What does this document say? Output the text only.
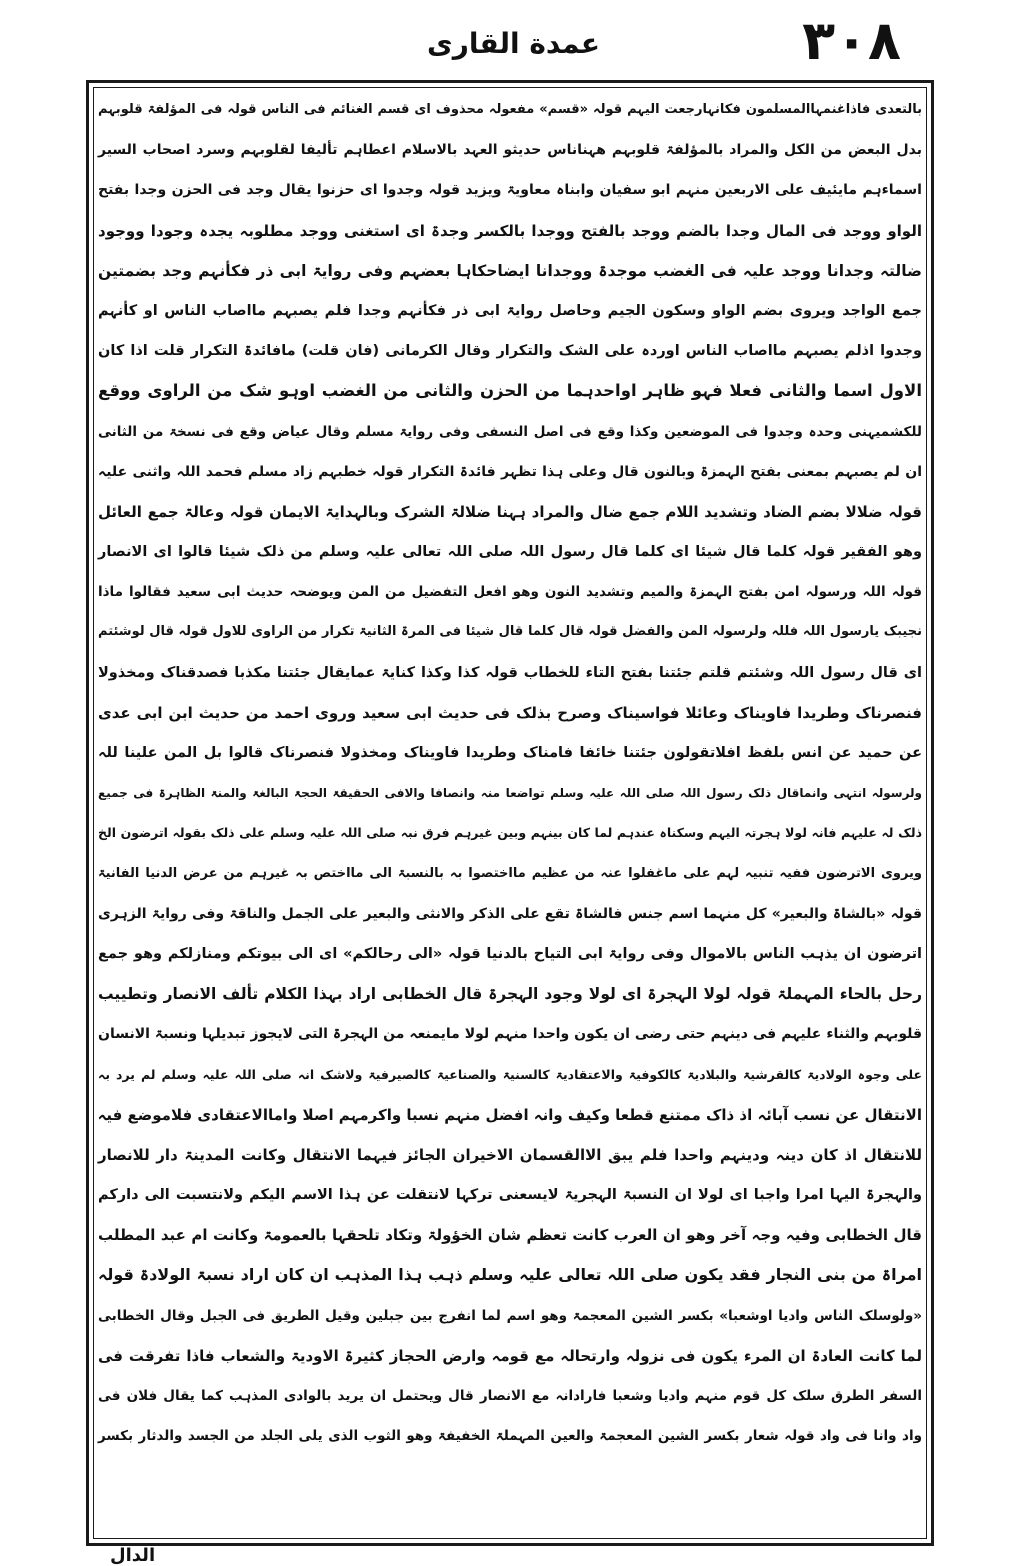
٣٠٨
عمدة القاری
بالتعدی فاذاغنمہاالمسلمون فکانہارجعت الیہم قولہ «قسم» مفعولہ محذوف ای قسم الغنائم فی الناس قولہ فی المؤلفۃ قلوبہم
بدل البعض من الکل والمراد بالمؤلفۃ قلوبہم ھہناناس حدیثو العہد بالاسلام اعطاہم تألیفا لقلوبہم وسرد اصحاب السیر
اسماءہم مایئیف علی الاربعین منہم ابو سفیان وابناہ معاویۃ ویزید قولہ وجدوا ای حزنوا یقال وجد فی الحزن وجدا بفتح
الواو ووجد فی المال وجدا بالضم ووجد بالفتح ووجدا بالکسر وجدۃ ای استغنی ووجد مطلوبہ یجدہ وجودا ووجود
ضالتہ وجدانا ووجد علیہ فی الغضب موجدۃ ووجدانا ایضاحکاہا بعضہم وفی روایۃ ابی ذر فکأنہم وجد بضمتین
جمع الواجد ویروی بضم الواو وسکون الجیم وحاصل روایۃ ابی ذر فکأنہم وجدا فلم یصبہم مااصاب الناس او کأنہم
وجدوا اذلم یصبہم مااصاب الناس اوردہ علی الشک والتکرار وقال الکرمانی (فان قلت) مافائدۃ التکرار قلت اذا کان
الاول اسما والثانی فعلا فہو ظاہر اواحدہما من الحزن والثانی من الغضب اوہو شک من الراوی ووقع
للکشمیہنی وحدہ وجدوا فی الموضعین وکذا وقع فی اصل النسفی وفی روایۃ مسلم وقال عیاض وقع فی نسخۃ من الثانی
ان لم یصبہم بمعنی بفتح الہمزۃ وبالنون قال وعلی ہذا تظہر فائدۃ التکرار قولہ خطبہم زاد مسلم فحمد اللہ واثنی علیہ
قولہ ضلالا بضم الضاد وتشدید اللام جمع ضال والمراد ہہنا ضلالۃ الشرک وبالہدایۃ الایمان قولہ وعالۃ جمع العائل
وھو الفقیر قولہ کلما قال شیئا ای کلما قال رسول اللہ صلی اللہ تعالی علیہ وسلم من ذلک شیئا قالوا ای الانصار
قولہ اللہ ورسولہ امن بفتح الہمزۃ والمیم وتشدید النون وھو افعل التفضیل من المن ویوضحہ حدیث ابی سعید فقالوا ماذا
نجیبک یارسول اللہ فللہ ولرسولہ المن والفضل قولہ قال کلما قال شیئا فی المرۃ الثانیۃ تکرار من الراوی للاول قولہ قال لوشئتم
ای قال رسول اللہ وشئتم قلتم جئتنا بفتح التاء للخطاب قولہ کذا وکذا کنایۃ عمایقال جئتنا مکذبا فصدقناک ومخذولا
فنصرناک وطریدا فاویناک وعائلا فواسیناک وصرح بذلک فی حدیث ابی سعید وروی احمد من حدیث ابن ابی عدی
عن حمید عن انس بلفظ افلاتقولون جئتنا خائفا فامناک وطریدا فاویناک ومخذولا فنصرناک قالوا بل المن علینا للہ
ولرسولہ انتہی وانماقال ذلک رسول اللہ صلی اللہ علیہ وسلم تواضعا منہ وانصافا والافی الحقیقۃ الحجۃ البالغۃ والمنۃ الظاہرۃ فی جمیع
ذلک لہ علیہم فانہ لولا ہجرتہ الیہم وسکناہ عندہم لما کان بینہم وبین غیرہم فرق نبہ صلی اللہ علیہ وسلم علی ذلک بقولہ اترضون الخ
ویروی الاترضون ففیہ تنبیہ لہم علی ماغفلوا عنہ من عظیم مااختصوا بہ بالنسبۃ الی مااختص بہ غیرہم من عرض الدنیا الفانیۃ
قولہ «بالشاۃ والبعیر» کل منہما اسم جنس فالشاۃ تقع علی الذکر والانثی والبعیر علی الجمل والناقۃ وفی روایۃ الزہری
اترضون ان یذہب الناس بالاموال وفی روایۃ ابی التیاح بالدنیا قولہ «الی رحالکم» ای الی بیوتکم ومنازلکم وھو جمع
رحل بالحاء المہملۃ قولہ لولا الہجرۃ ای لولا وجود الہجرۃ قال الخطابی اراد بہذا الکلام تألف الانصار وتطییب
قلوبہم والثناء علیہم فی دینہم حتی رضی ان یکون واحدا منہم لولا مایمنعہ من الہجرۃ التی لایجوز تبدیلہا ونسبۃ الانسان
علی وجوہ الولادیۃ کالقرشیۃ والبلادیۃ کالکوفیۃ والاعتقادیۃ کالسنیۃ والصناعیۃ کالصیرفیۃ ولاشک انہ صلی اللہ علیہ وسلم لم یرد بہ
الانتقال عن نسب آبائہ اذ ذاک ممتنع قطعا وکیف وانہ افضل منہم نسبا واکرمہم اصلا واماالاعتقادی فلاموضع فیہ
للانتقال اذ کان دینہ ودینہم واحدا فلم یبق الاالقسمان الاخیران الجائز فیہما الانتقال وکانت المدینۃ دار للانصار
والہجرۃ الیہا امرا واجبا ای لولا ان النسبۃ الہجریۃ لایسعنی ترکہا لانتقلت عن ہذا الاسم الیکم ولانتسبت الی دارکم
قال الخطابی وفیہ وجہ آخر وھو ان العرب کانت تعظم شان الخؤولۃ وتکاد تلحقہا بالعمومۃ وکانت ام عبد المطلب
امراۃ من بنی النجار فقد یکون صلی اللہ تعالی علیہ وسلم ذہب ہذا المذہب ان کان اراد نسبۃ الولادۃ قولہ
«ولوسلک الناس وادیا اوشعبا» بکسر الشین المعجمۃ وھو اسم لما انفرج بین جبلین وقیل الطریق فی الجبل وقال الخطابی
لما کانت العادۃ ان المرء یکون فی نزولہ وارتحالہ مع قومہ وارض الحجاز کثیرۃ الاودیۃ والشعاب فاذا تفرقت فی
السفر الطرق سلک کل قوم منہم وادیا وشعبا فارادانہ مع الانصار قال ویحتمل ان یرید بالوادی المذہب کما یقال فلان فی
واد وانا فی واد قولہ شعار بکسر الشین المعجمۃ والعین المہملۃ الخفیفۃ وھو الثوب الذی یلی الجلد من الجسد والدثار بکسر
الدال
